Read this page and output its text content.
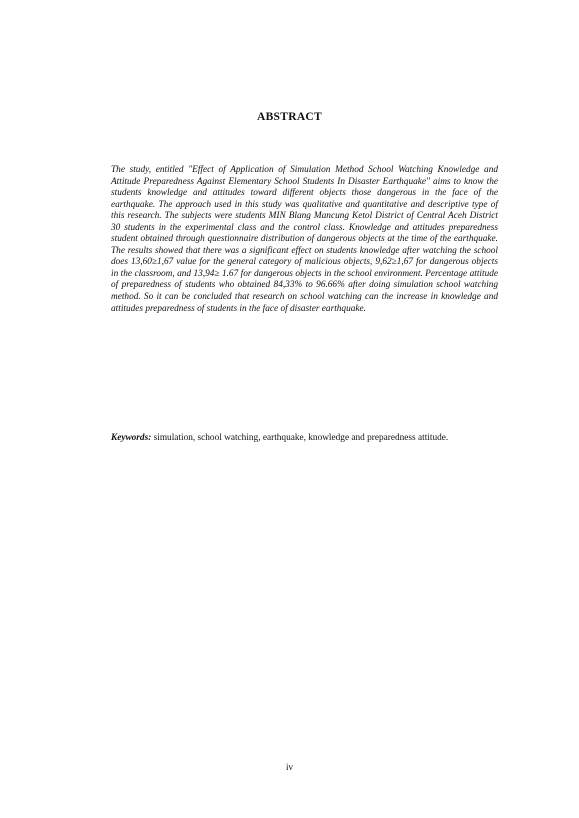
ABSTRACT

The study, entitled "Effect of Application of Simulation Method School Watching Knowledge and Attitude Preparedness Against Elementary School Students In Disaster Earthquake" aims to know the students knowledge and attitudes toward different objects those dangerous in the face of the earthquake. The approach used in this study was qualitative and quantitative and descriptive type of this research. The subjects were students MIN Blang Mancung Ketol District of Central Aceh District 30 students in the experimental class and the control class. Knowledge and attitudes preparedness student obtained through questionnaire distribution of dangerous objects at the time of the earthquake. The results showed that there was a significant effect on students knowledge after watching the school does 13,60≥1,67 value for the general category of malicious objects, 9,62≥1,67 for dangerous objects in the classroom, and 13,94≥ 1.67 for dangerous objects in the school environment. Percentage attitude of preparedness of students who obtained 84,33% to 96.66% after doing simulation school watching method. So it can be concluded that research on school watching can the increase in knowledge and attitudes preparedness of students in the face of disaster earthquake.

Keywords: simulation, school watching, earthquake, knowledge and preparedness attitude.

iv
